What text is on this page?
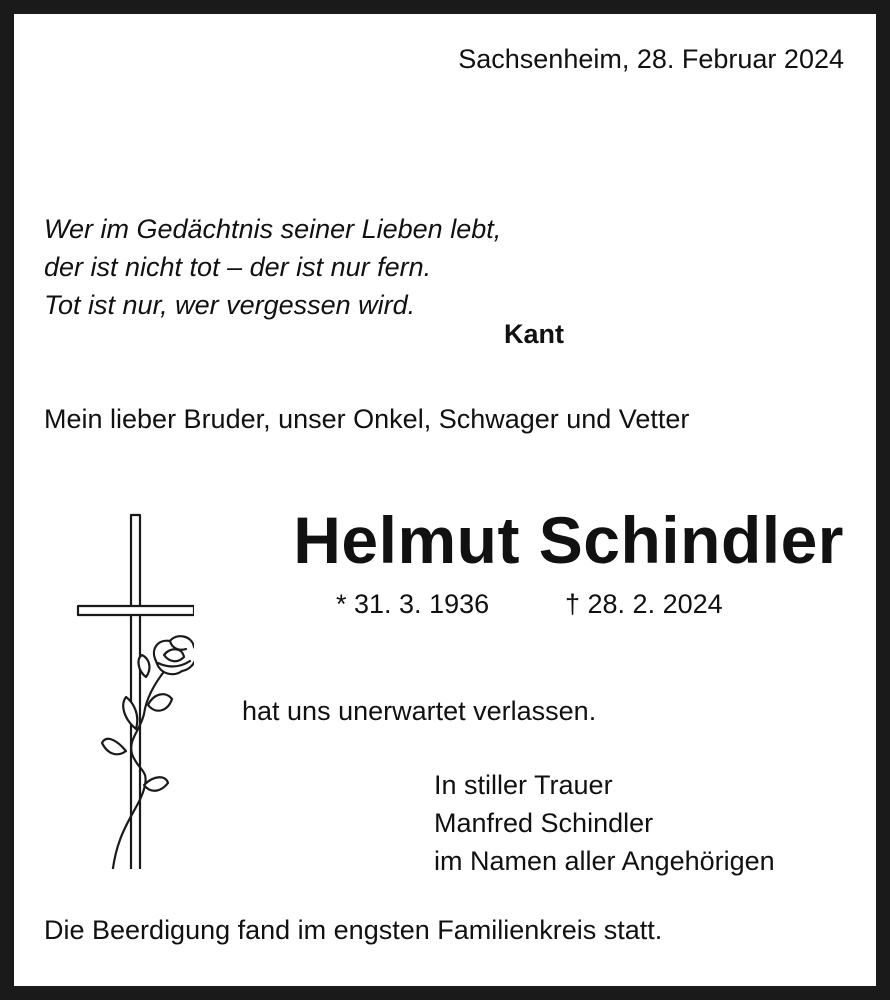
Sachsenheim, 28. Februar 2024
Wer im Gedächtnis seiner Lieben lebt,
der ist nicht tot – der ist nur fern.
Tot ist nur, wer vergessen wird.
Kant
Mein lieber Bruder, unser Onkel, Schwager und Vetter
Helmut Schindler
* 31. 3. 1936	† 28. 2. 2024
hat uns unerwartet verlassen.
In stiller Trauer
Manfred Schindler
im Namen aller Angehörigen
Die Beerdigung fand im engsten Familienkreis statt.
